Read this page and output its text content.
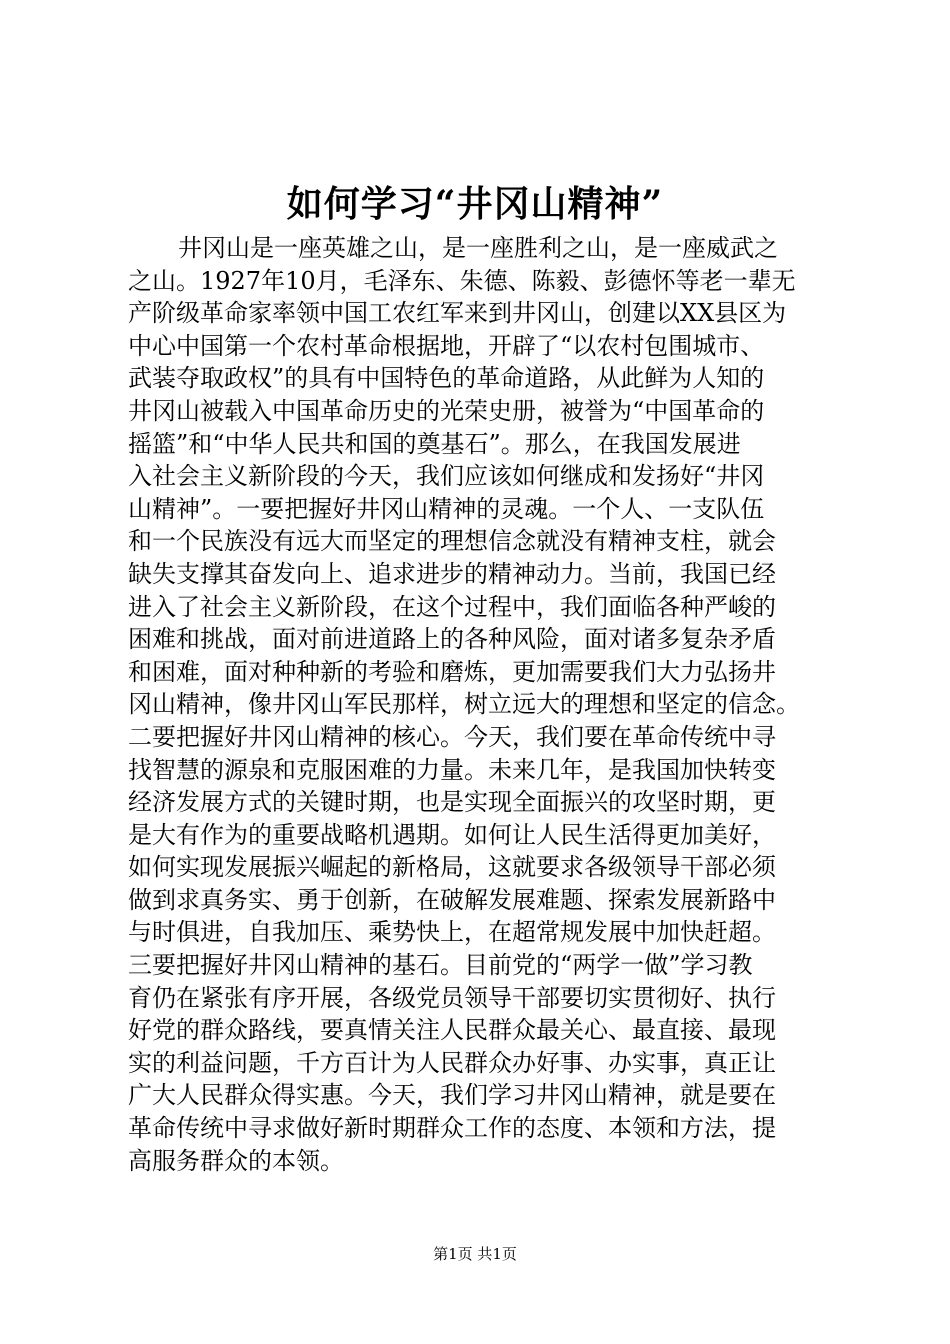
如何学习“井冈山精神”
井冈山是一座英雄之山，是一座胜利之山，是一座威武之
之山。1927年10月，毛泽东、朱德、陈毅、彭德怀等老一辈无
产阶级革命家率领中国工农红军来到井冈山，创建以XX县区为
中心中国第一个农村革命根据地，开辟了“以农村包围城市、
武装夺取政权”的具有中国特色的革命道路，从此鲜为人知的
井冈山被载入中国革命历史的光荣史册，被誉为“中国革命的
摇篮”和“中华人民共和国的奠基石”。那么，在我国发展进
入社会主义新阶段的今天，我们应该如何继成和发扬好“井冈
山精神”。一要把握好井冈山精神的灵魂。一个人、一支队伍
和一个民族没有远大而坚定的理想信念就没有精神支柱，就会
缺失支撑其奋发向上、追求进步的精神动力。当前，我国已经
进入了社会主义新阶段，在这个过程中，我们面临各种严峻的
困难和挑战，面对前进道路上的各种风险，面对诸多复杂矛盾
和困难，面对种种新的考验和磨炼，更加需要我们大力弘扬井
冈山精神，像井冈山军民那样，树立远大的理想和坚定的信念。
二要把握好井冈山精神的核心。今天，我们要在革命传统中寻
找智慧的源泉和克服困难的力量。未来几年，是我国加快转变
经济发展方式的关键时期，也是实现全面振兴的攻坚时期，更
是大有作为的重要战略机遇期。如何让人民生活得更加美好，
如何实现发展振兴崛起的新格局，这就要求各级领导干部必须
做到求真务实、勇于创新，在破解发展难题、探索发展新路中
与时俱进，自我加压、乘势快上，在超常规发展中加快赶超。
三要把握好井冈山精神的基石。目前党的“两学一做”学习教
育仍在紧张有序开展，各级党员领导干部要切实贯彻好、执行
好党的群众路线，要真情关注人民群众最关心、最直接、最现
实的利益问题，千方百计为人民群众办好事、办实事，真正让
广大人民群众得实惠。今天，我们学习井冈山精神，就是要在
革命传统中寻求做好新时期群众工作的态度、本领和方法，提
高服务群众的本领。
第1页 共1页
